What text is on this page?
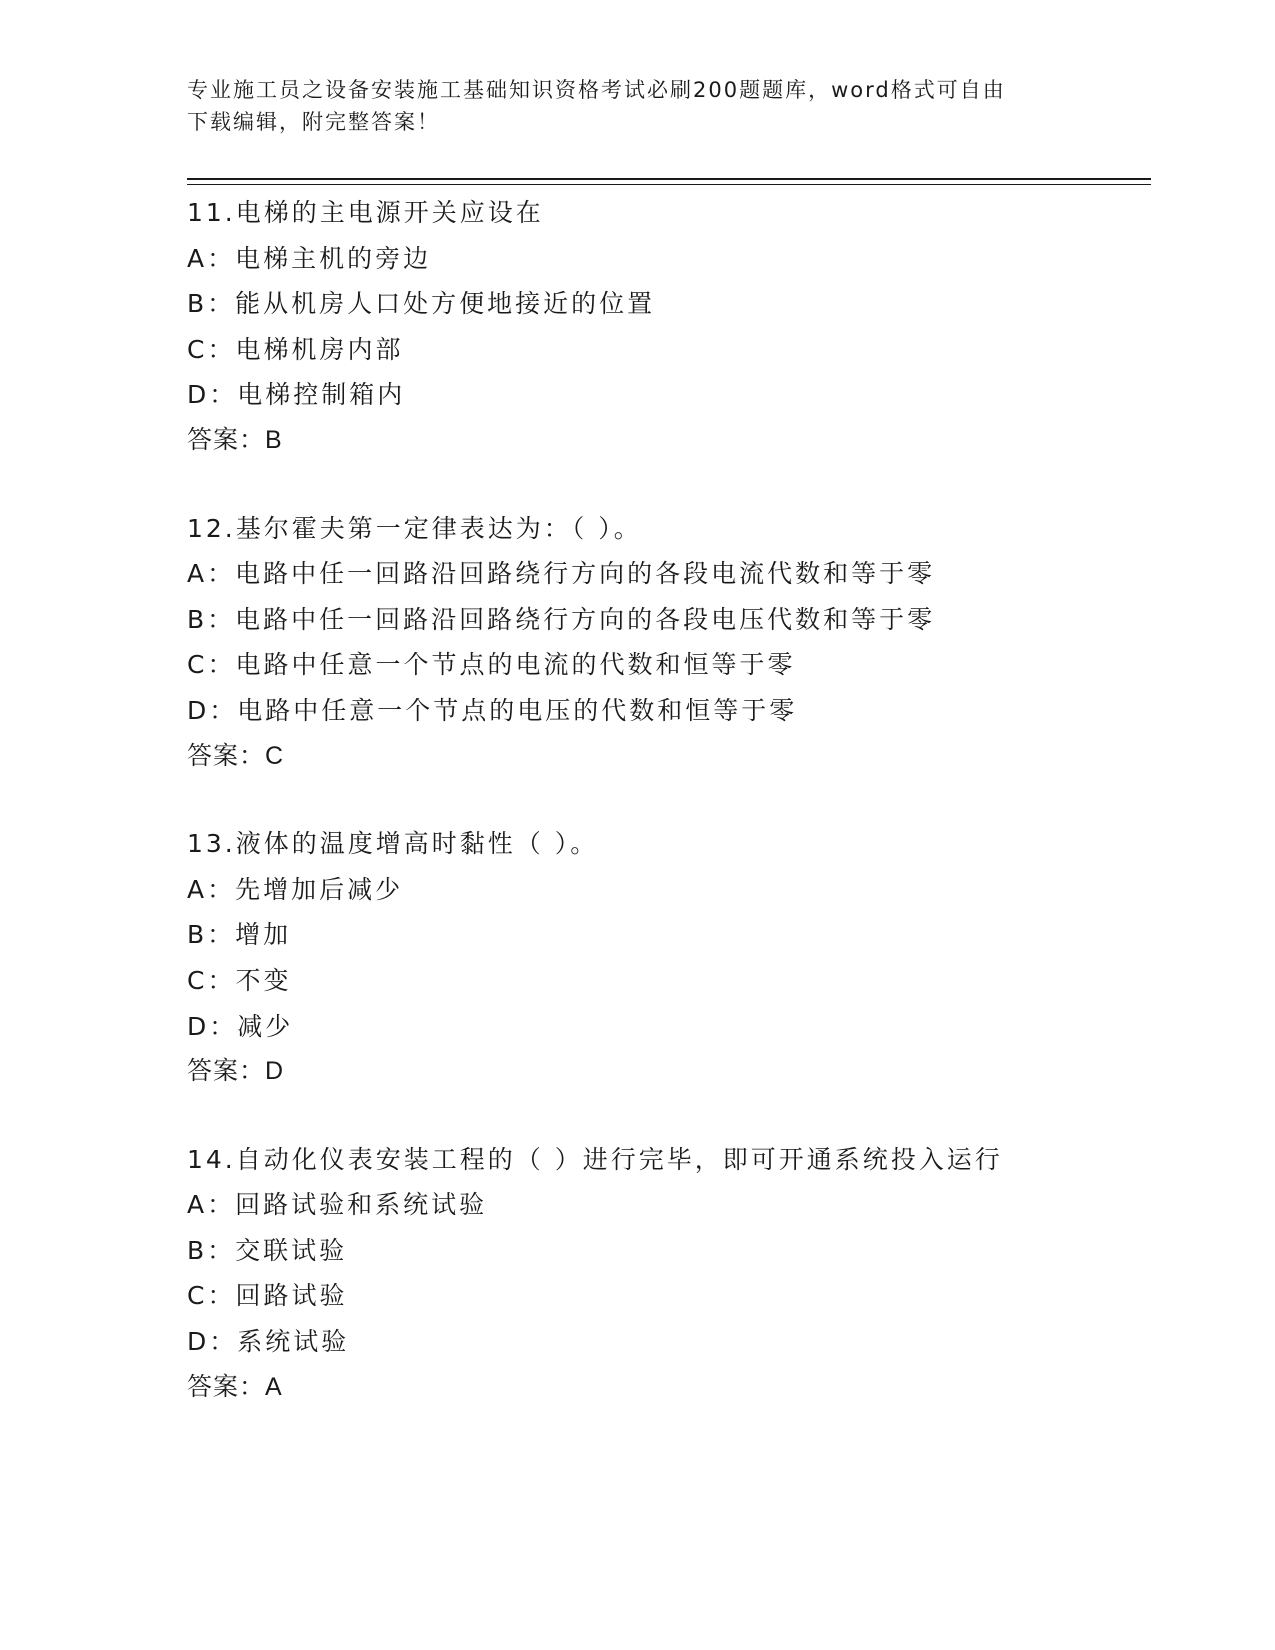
专业施工员之设备安装施工基础知识资格考试必刷200题题库，word格式可自由
下载编辑，附完整答案！
11.电梯的主电源开关应设在
A：电梯主机的旁边
B：能从机房人口处方便地接近的位置
C：电梯机房内部
D：电梯控制箱内
答案：B
12.基尔霍夫第一定律表达为：（ ）。
A：电路中任一回路沿回路绕行方向的各段电流代数和等于零
B：电路中任一回路沿回路绕行方向的各段电压代数和等于零
C：电路中任意一个节点的电流的代数和恒等于零
D：电路中任意一个节点的电压的代数和恒等于零
答案：C
13.液体的温度增高时黏性（ ）。
A：先增加后减少
B：增加
C：不变
D：减少
答案：D
14.自动化仪表安装工程的（ ）进行完毕，即可开通系统投入运行
A：回路试验和系统试验
B：交联试验
C：回路试验
D：系统试验
答案：A
